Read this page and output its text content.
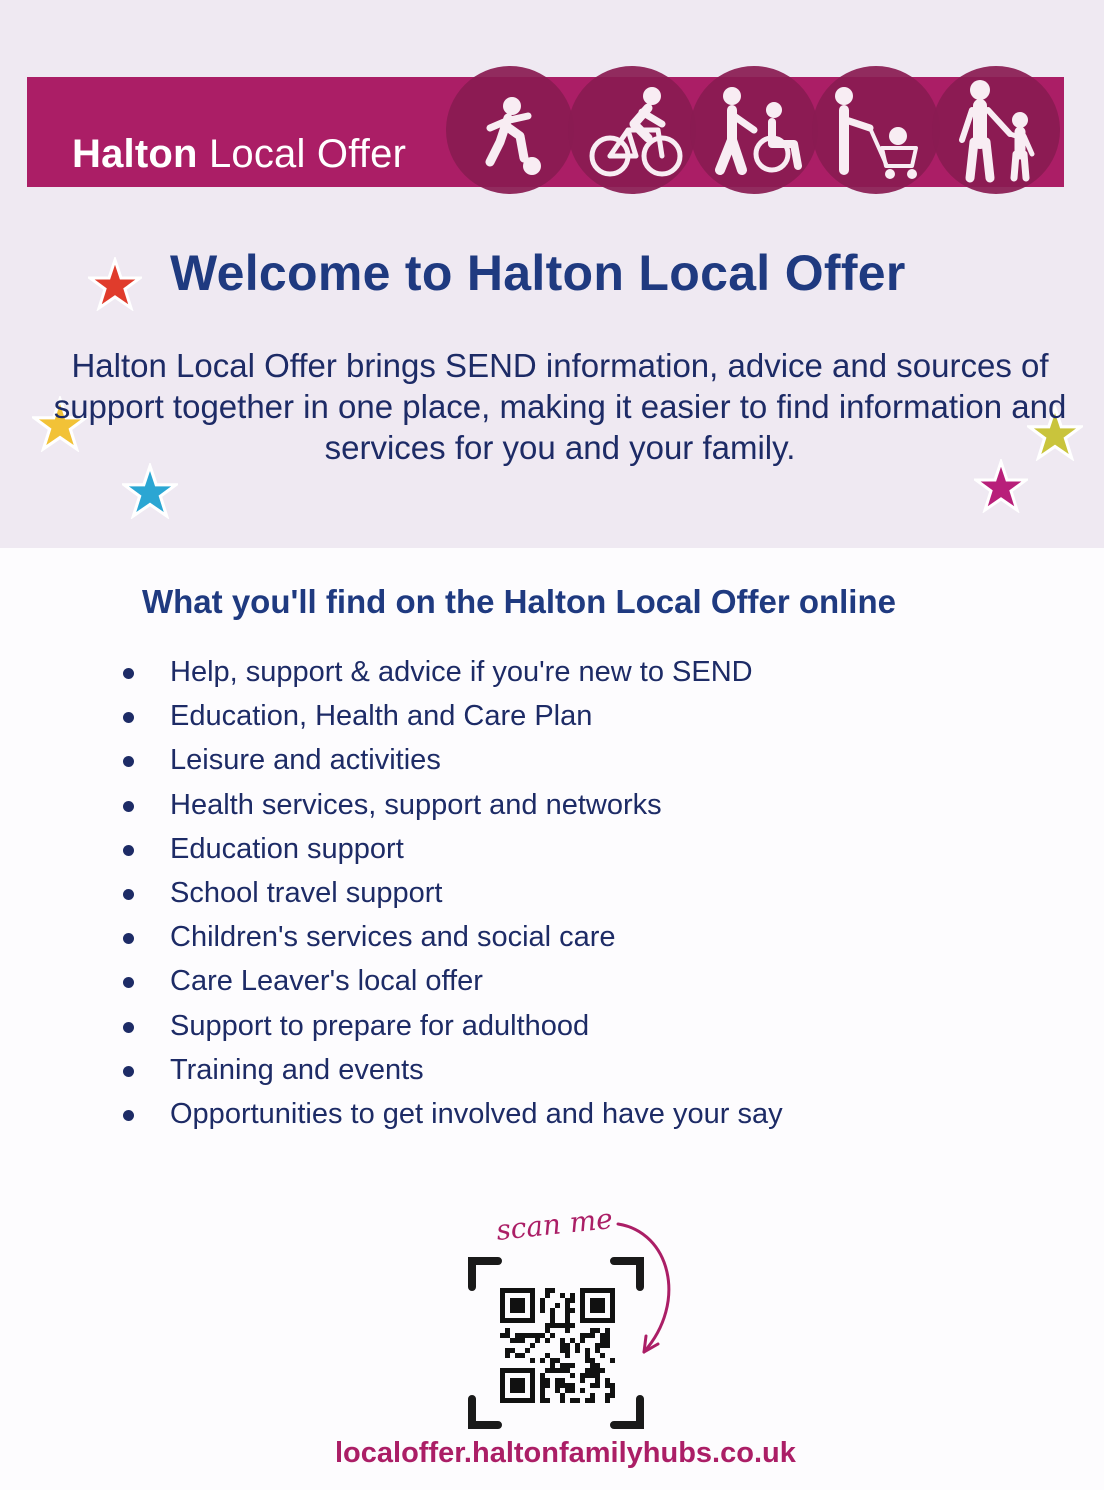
Halton Local Offer
Welcome to Halton Local Offer

Halton Local Offer brings SEND information, advice and sources of support together in one place, making it easier to find information and services for you and your family.

What you'll find on the Halton Local Offer online
Help, support & advice if you're new to SEND
Education, Health and Care Plan
Leisure and activities
Health services, support and networks
Education support
School travel support
Children's services and social care
Care Leaver's local offer
Support to prepare for adulthood
Training and events
Opportunities to get involved and have your say

scan me

localoffer.haltonfamilyhubs.co.uk
